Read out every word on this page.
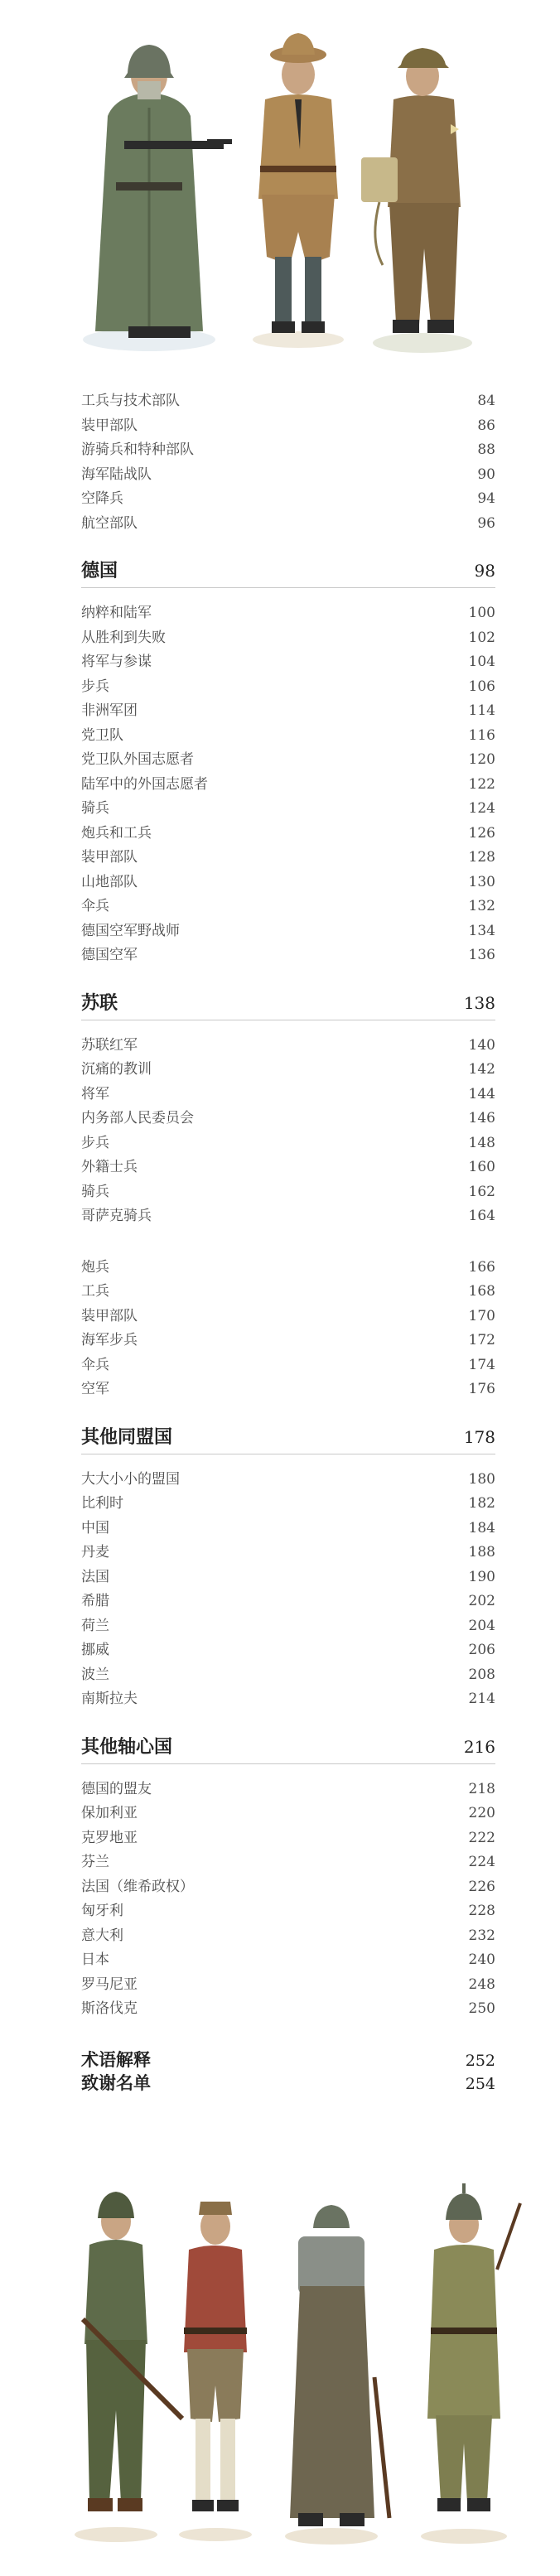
工兵与技术部队	84
装甲部队	86
游骑兵和特种部队	88
海军陆战队	90
空降兵	94
航空部队	96
德国	98
纳粹和陆军	100
从胜利到失败	102
将军与参谋	104
步兵	106
非洲军团	114
党卫队	116
党卫队外国志愿者	120
陆军中的外国志愿者	122
骑兵	124
炮兵和工兵	126
装甲部队	128
山地部队	130
伞兵	132
德国空军野战师	134
德国空军	136
苏联	138
苏联红军	140
沉痛的教训	142
将军	144
内务部人民委员会	146
步兵	148
外籍士兵	160
骑兵	162
哥萨克骑兵	164
炮兵	166
工兵	168
装甲部队	170
海军步兵	172
伞兵	174
空军	176
其他同盟国	178
大大小小的盟国	180
比利时	182
中国	184
丹麦	188
法国	190
希腊	202
荷兰	204
挪威	206
波兰	208
南斯拉夫	214
其他轴心国	216
德国的盟友	218
保加利亚	220
克罗地亚	222
芬兰	224
法国（维希政权）	226
匈牙利	228
意大利	232
日本	240
罗马尼亚	248
斯洛伐克	250
术语解释	252
致谢名单	254
